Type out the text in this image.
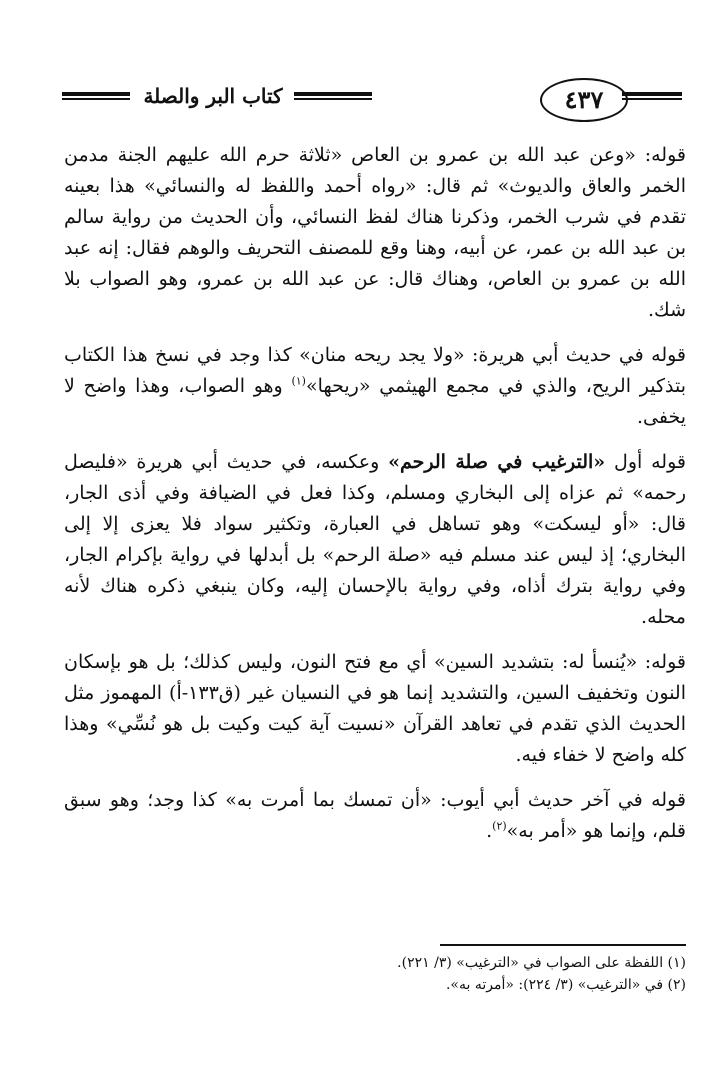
كتاب البر والصلة	٤٣٧

قوله: «وعن عبد الله بن عمرو بن العاص «ثلاثة حرم الله عليهم الجنة مدمن الخمر والعاق والديوث» ثم قال: «رواه أحمد واللفظ له والنسائي» هذا بعينه تقدم في شرب الخمر، وذكرنا هناك لفظ النسائي، وأن الحديث من رواية سالم بن عبد الله بن عمر، عن أبيه، وهنا وقع للمصنف التحريف والوهم فقال: إنه عبد الله بن عمرو بن العاص، وهناك قال: عن عبد الله بن عمرو، وهو الصواب بلا شك.

قوله في حديث أبي هريرة: «ولا يجد ريحه منان» كذا وجد في نسخ هذا الكتاب بتذكير الريح، والذي في مجمع الهيثمي «ريحها»$^{(١)}$ وهو الصواب، وهذا واضح لا يخفى.

قوله أول «الترغيب في صلة الرحم» وعكسه، في حديث أبي هريرة «فليصل رحمه» ثم عزاه إلى البخاري ومسلم، وكذا فعل في الضيافة وفي أذى الجار، قال: «أو ليسكت» وهو تساهل في العبارة، وتكثير سواد فلا يعزى إلا إلى البخاري؛ إذ ليس عند مسلم فيه «صلة الرحم» بل أبدلها في رواية بإكرام الجار، وفي رواية بترك أذاه، وفي رواية بالإحسان إليه، وكان ينبغي ذكره هناك لأنه محله.

قوله: «يُنسأ له: بتشديد السين» أي مع فتح النون، وليس كذلك؛ بل هو بإسكان النون وتخفيف السين، والتشديد إنما هو في النسيان غير (ق١٣٣-أ) المهموز مثل الحديث الذي تقدم في تعاهد القرآن «نسيت آية كيت وكيت بل هو نُسِّي» وهذا كله واضح لا خفاء فيه.

قوله في آخر حديث أبي أيوب: «أن تمسك بما أمرت به» كذا وجد؛ وهو سبق قلم، وإنما هو «أمر به»$^{(٢)}$.

(١) اللفظة على الصواب في «الترغيب» (٣/ ٢٢١).

(٢) في «الترغيب» (٣/ ٢٢٤): «أمرته به».
